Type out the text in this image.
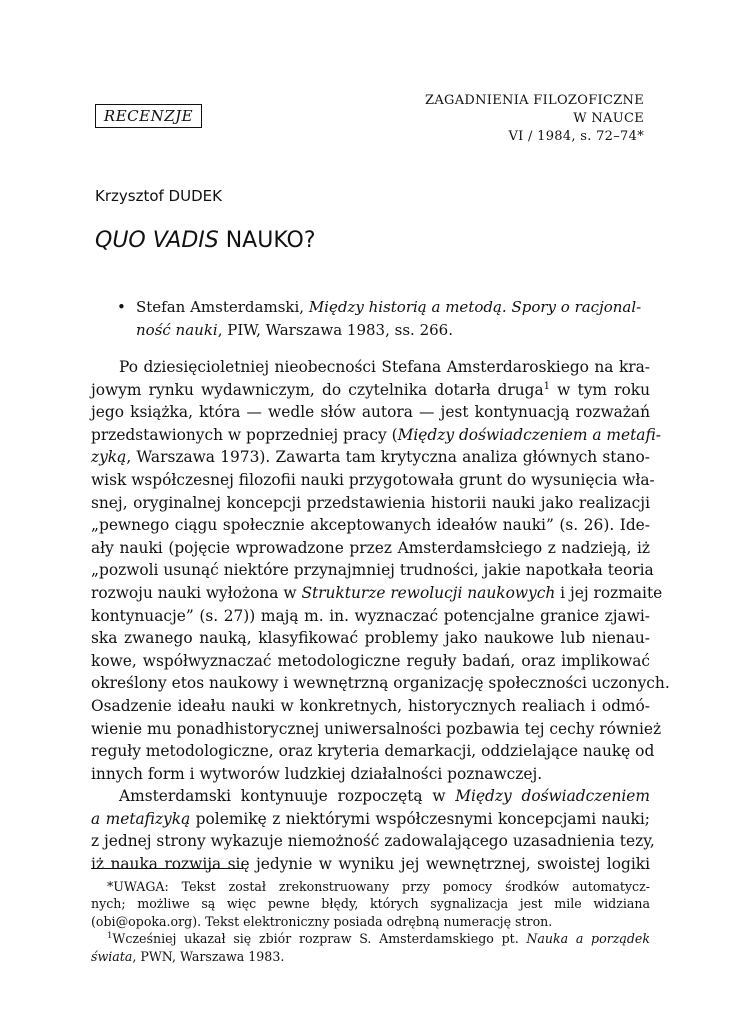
RECENZJE
ZAGADNIENIA FILOZOFICZNE
W NAUCE
VI / 1984, s. 72–74*
Krzysztof DUDEK
QUO VADIS NAUKO?
• Stefan Amsterdamski, Między historią a metodą. Spory o racjonal-
ność nauki, PIW, Warszawa 1983, ss. 266.
Po dziesięcioletniej nieobecności Stefana Amsterdaroskiego na kra-
jowym rynku wydawniczym, do czytelnika dotarła druga$^1$ w tym roku
jego książka, która — wedle słów autora — jest kontynuacją rozważań
przedstawionych w poprzedniej pracy (Między doświadczeniem a metafi-
zyką, Warszawa 1973). Zawarta tam krytyczna analiza głównych stano-
wisk współczesnej filozofii nauki przygotowała grunt do wysunięcia wła-
snej, oryginalnej koncepcji przedstawienia historii nauki jako realizacji
„pewnego ciągu społecznie akceptowanych ideałów nauki” (s. 26). Ide-
ały nauki (pojęcie wprowadzone przez Amsterdamsłciego z nadzieją, iż
„pozwoli usunąć niektóre przynajmniej trudności, jakie napotkała teoria
rozwoju nauki wyłożona w Strukturze rewolucji naukowych i jej rozmaite
kontynuacje” (s. 27)) mają m. in. wyznaczać potencjalne granice zjawi-
ska zwanego nauką, klasyfikować problemy jako naukowe lub nienau-
kowe, współwyznaczać metodologiczne reguły badań, oraz implikować
określony etos naukowy i wewnętrzną organizację społeczności uczonych.
Osadzenie ideału nauki w konkretnych, historycznych realiach i odmó-
wienie mu ponadhistorycznej uniwersalności pozbawia tej cechy również
reguły metodologiczne, oraz kryteria demarkacji, oddzielające naukę od
innych form i wytworów ludzkiej działalności poznawczej.
Amsterdamski kontynuuje rozpoczętą w Między doświadczeniem
a metafizyką polemikę z niektórymi współczesnymi koncepcjami nauki;
z jednej strony wykazuje niemożność zadowalającego uzasadnienia tezy,
iż nauka rozwija się jedynie w wyniku jej wewnętrznej, swoistej logiki
*UWAGA: Tekst został zrekonstruowany przy pomocy środków automatycz-
nych; możliwe są więc pewne błędy, których sygnalizacja jest mile widziana
(obi@opoka.org). Tekst elektroniczny posiada odrębną numerację stron.
$^1$Wcześniej ukazał się zbiór rozpraw S. Amsterdamskiego pt. Nauka a porządek
świata, PWN, Warszawa 1983.
